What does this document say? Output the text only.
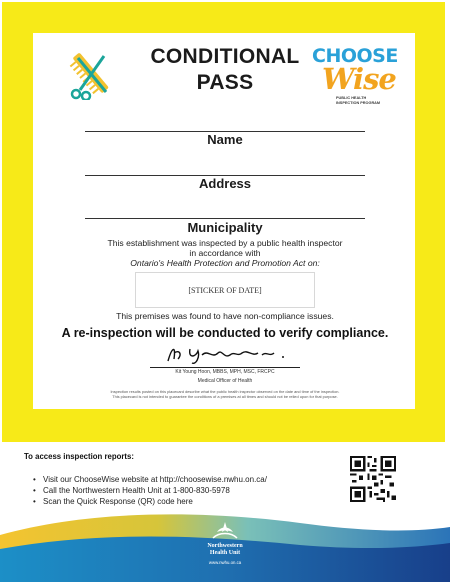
CONDITIONAL
PASS
CHOOSE
Wise
PUBLIC HEALTH
INSPECTION PROGRAM
Name
Address
Municipality
This establishment was inspected by a public health inspector
in accordance with
Ontario's Health Protection and Promotion Act on:
[STICKER OF DATE]
This premises was found to have non-compliance issues.
A re-inspection will be conducted to verify compliance.
Kit Young Hoon, MBBS, MPH, MSC, FRCPC
Medical Officer of Health
Inspection results posted on this placecard describe what the public health inspector observed on the date and time of the inspection.
This placecard is not intended to guarantee the conditions of a premises at all times and should not be relied upon for that purpose.
To access inspection reports:
• Visit our ChooseWise website at http://choosewise.nwhu.on.ca/
• Call the Northwestern Health Unit at 1-800-830-5978
• Scan the Quick Response (QR) code here
Northwestern
Health Unit
www.nwhu.on.ca
